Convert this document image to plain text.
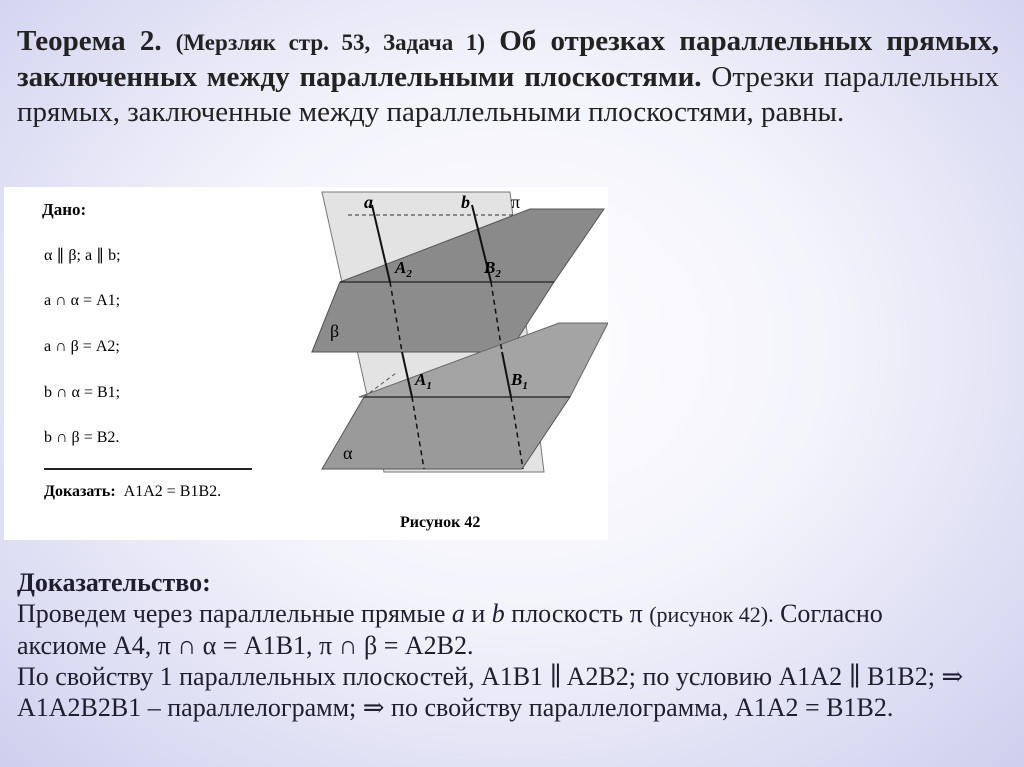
Теорема 2. (Мерзляк стр. 53, Задача 1) Об отрезках параллельных прямых, заключенных между параллельными плоскостями. Отрезки параллельных прямых, заключенные между параллельными плоскостями, равны.
Дано:
α ∥ β; a ∥ b;
a ∩ α = A1;
a ∩ β = A2;
b ∩ α = B1;
b ∩ β = B2.
Доказать: A1A2 = B1B2.
a	b π
$A_2$	$B_2$
$A_1$	$B_1$
β
α
Рисунок 42
Доказательство:
Проведем через параллельные прямые a и b плоскость π (рисунок 42). Согласно
аксиоме А4, π ∩ α = A1B1, π ∩ β = A2B2.
По свойству 1 параллельных плоскостей, A1B1 ∥ A2B2; по условию A1A2 ∥ B1B2; ⇒
A1A2B2B1 – параллелограмм; ⇒ по свойству параллелограмма, A1A2 = B1B2.
